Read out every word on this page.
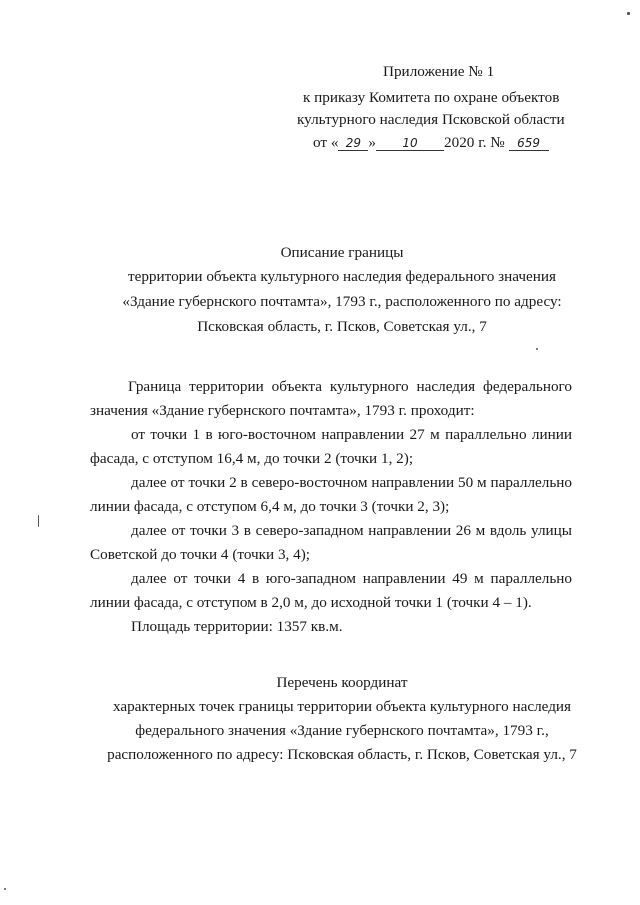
Приложение № 1
к приказу Комитета по охране объектов
культурного наследия Псковской области
от « 29 » 10 2020 г. № 659
Описание границы
территории объекта культурного наследия федерального значения
«Здание губернского почтамта», 1793 г., расположенного по адресу:
Псковская область, г. Псков, Советская ул., 7
Граница территории объекта культурного наследия федерального
значения «Здание губернского почтамта», 1793 г. проходит:
от точки 1 в юго-восточном направлении 27 м параллельно линии
фасада, с отступом 16,4 м, до точки 2 (точки 1, 2);
далее от точки 2 в северо-восточном направлении 50 м параллельно
линии фасада, с отступом 6,4 м, до точки 3 (точки 2, 3);
далее от точки 3 в северо-западном направлении 26 м вдоль улицы
Советской до точки 4 (точки 3, 4);
далее от точки 4 в юго-западном направлении 49 м параллельно
линии фасада, с отступом в 2,0 м, до исходной точки 1 (точки 4 – 1).
Площадь территории: 1357 кв.м.
Перечень координат
характерных точек границы территории объекта культурного наследия
федерального значения «Здание губернского почтамта», 1793 г.,
расположенного по адресу: Псковская область, г. Псков, Советская ул., 7
